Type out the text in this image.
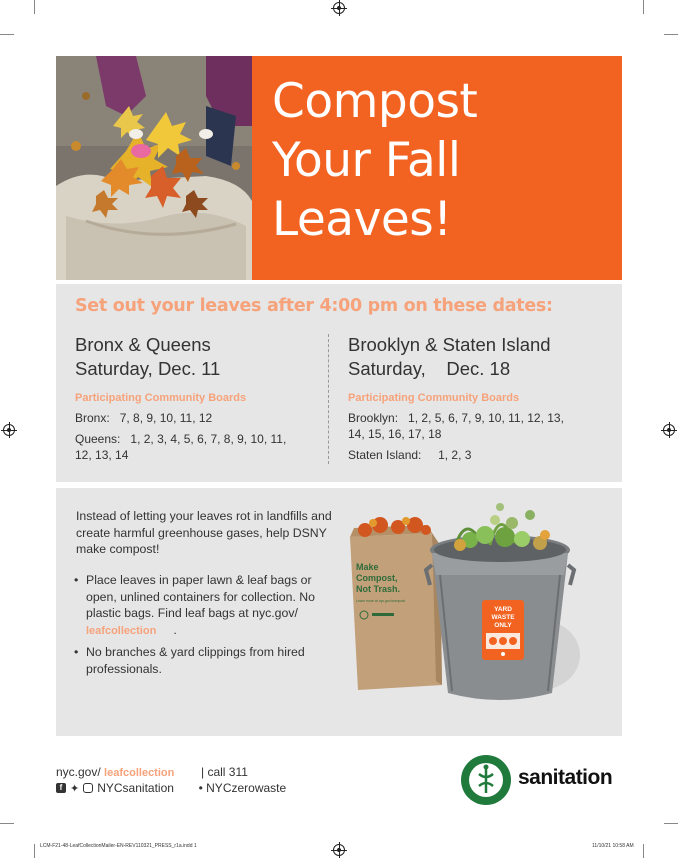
Compost
Your Fall
Leaves!
Set out your leaves after 4:00 pm on these dates:
Bronx & Queens
Saturday, Dec. 11
Participating Community Boards
Bronx: 7, 8, 9, 10, 11, 12
Queens: 1, 2, 3, 4, 5, 6, 7, 8, 9, 10, 11,
12, 13, 14
Brooklyn & Staten Island
Saturday, Dec. 18
Participating Community Boards
Brooklyn: 1, 2, 5, 6, 7, 9, 10, 11, 12, 13,
14, 15, 16, 17, 18
Staten Island: 1, 2, 3
Instead of letting your leaves rot in landfills and create harmful greenhouse gases, help DSNY make compost!
• Place leaves in paper lawn & leaf bags or open, unlined containers for collection. No plastic bags. Find leaf bags at nyc.gov/ leafcollection .
• No branches & yard clippings from hired professionals.
Make
Compost,
Not Trash.
Learn more at nyc.gov/compost
YARD
WASTE
ONLY
nyc.gov/ leafcollection | call 311
f ✦ NYCsanitation
• NYCzerowaste	sanitation
LCM-F21-48-LeafCollectionMailer-EN-REV110321_PRESS_r1a.indd 1	11/10/21 10:58 AM
